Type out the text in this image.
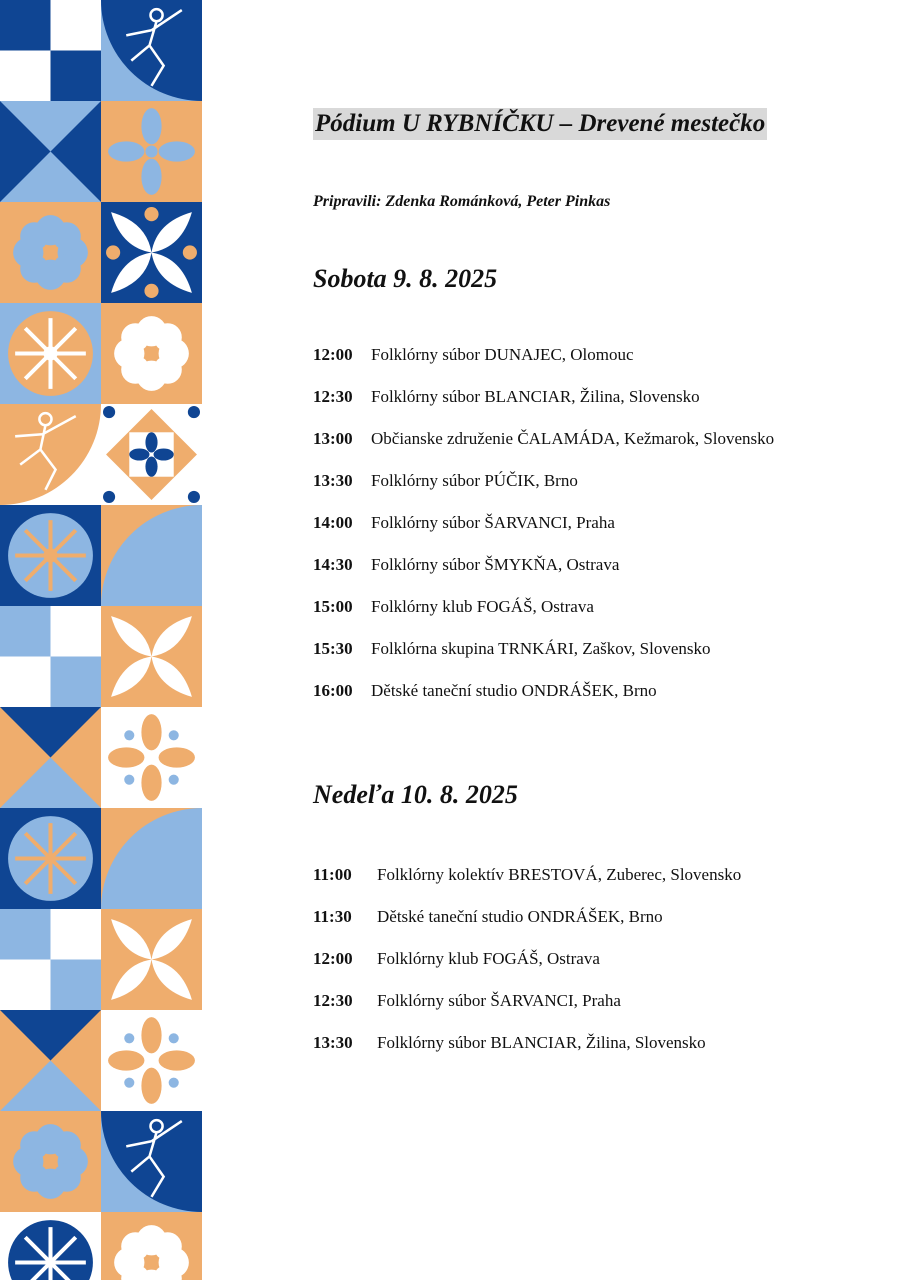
Pódium U RYBNÍČKU – Drevené mestečko

Pripravili: Zdenka Románková, Peter Pinkas

Sobota 9. 8. 2025
12:00	Folklórny súbor DUNAJEC, Olomouc
12:30	Folklórny súbor BLANCIAR, Žilina, Slovensko
13:00	Občianske združenie ČALAMÁDA, Kežmarok, Slovensko
13:30	Folklórny súbor PÚČIK, Brno
14:00	Folklórny súbor ŠARVANCI, Praha
14:30	Folklórny súbor ŠMYKŇA, Ostrava
15:00	Folklórny klub FOGÁŠ, Ostrava
15:30	Folklórna skupina TRNKÁRI, Zaškov, Slovensko
16:00	Dětské taneční studio ONDRÁŠEK, Brno
Nedeľa 10. 8. 2025
11:00	Folklórny kolektív BRESTOVÁ, Zuberec, Slovensko
11:30	Dětské taneční studio ONDRÁŠEK, Brno
12:00	Folklórny klub FOGÁŠ, Ostrava
12:30	Folklórny súbor ŠARVANCI, Praha
13:30	Folklórny súbor BLANCIAR, Žilina, Slovensko
